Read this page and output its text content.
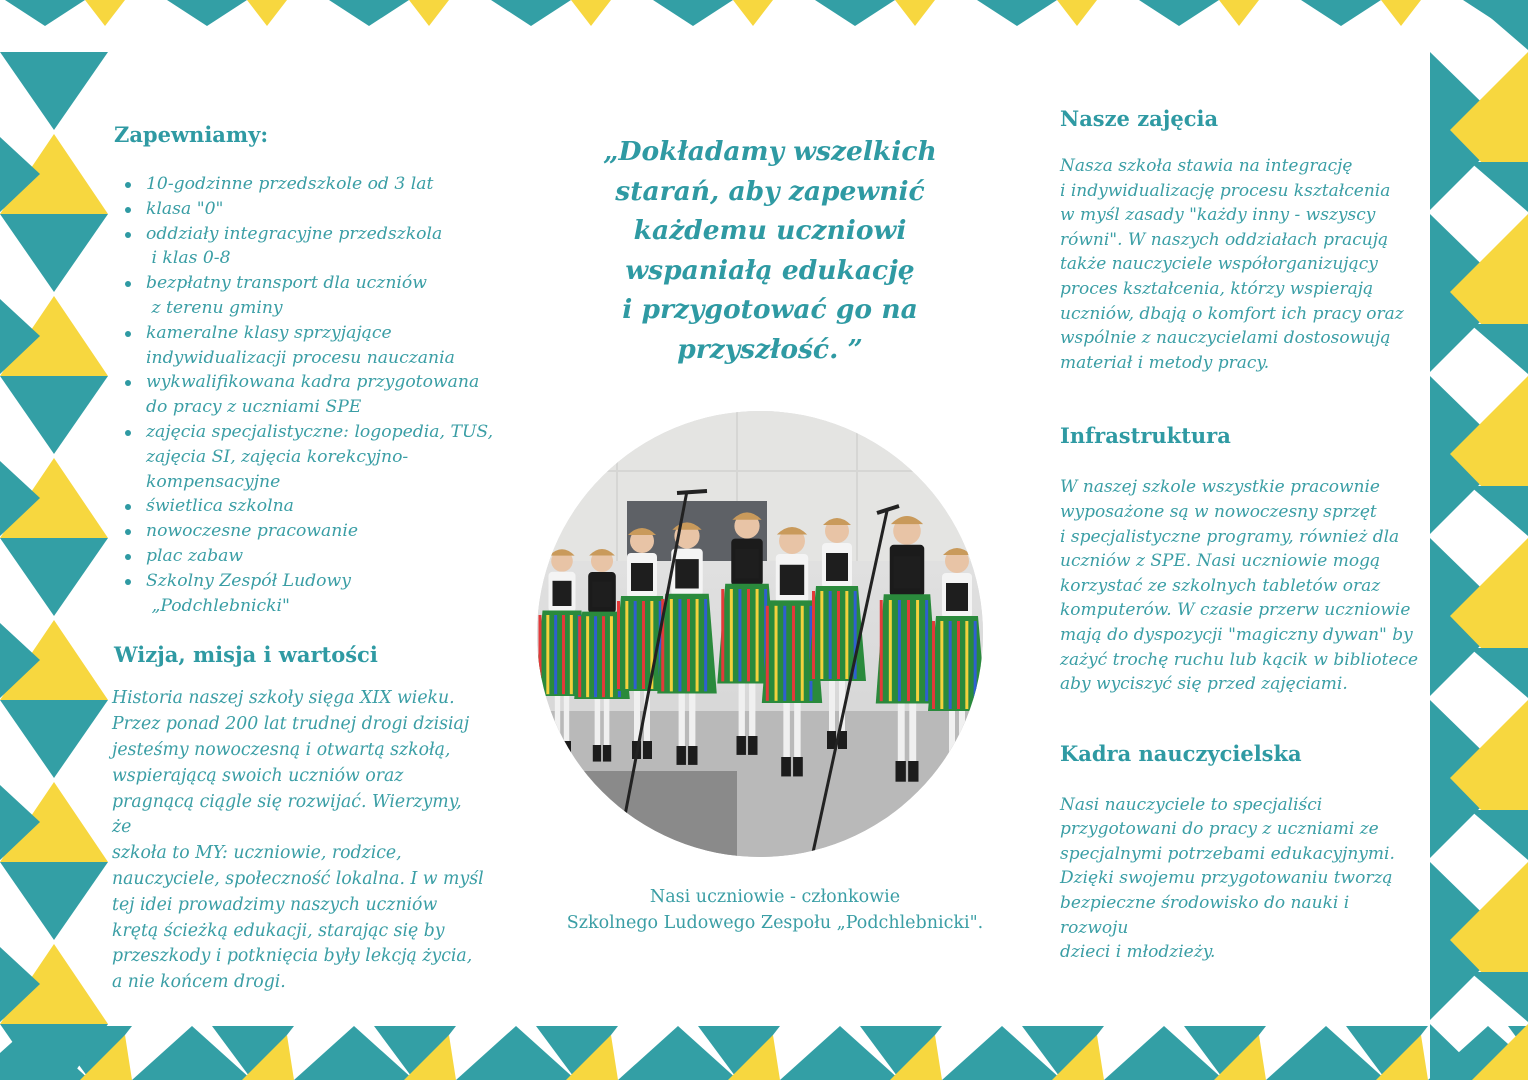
Zapewniamy:
10-godzinne przedszkole od 3 lat
klasa "0"
oddziały integracyjne przedszkola
i klas 0-8
bezpłatny transport dla uczniów
z terenu gminy
kameralne klasy sprzyjające
indywidualizacji procesu nauczania
wykwalifikowana kadra przygotowana
do pracy z uczniami SPE
zajęcia specjalistyczne: logopedia, TUS,
zajęcia SI, zajęcia korekcyjno-
kompensacyjne
świetlica szkolna
nowoczesne pracowanie
plac zabaw
Szkolny Zespół Ludowy
„Podchlebnicki"
Wizja, misja i wartości

Historia naszej szkoły sięga XIX wieku.
Przez ponad 200 lat trudnej drogi dzisiaj
jesteśmy nowoczesną i otwartą szkołą,
wspierającą swoich uczniów oraz
pragnącą ciągle się rozwijać. Wierzymy, że
szkoła to MY: uczniowie, rodzice,
nauczyciele, społeczność lokalna. I w myśl
tej idei prowadzimy naszych uczniów
krętą ścieżką edukacji, starając się by
przeszkody i potknięcia były lekcją życia,
a nie końcem drogi.

„Dokładamy wszelkich
starań, aby zapewnić
każdemu uczniowi
wspaniałą edukację
i przygotować go na
przyszłość. ”

Nasi uczniowie - członkowie
Szkolnego Ludowego Zespołu „Podchlebnicki".
Nasze zajęcia

Nasza szkoła stawia na integrację
i indywidualizację procesu kształcenia
w myśl zasady "każdy inny - wszyscy
równi". W naszych oddziałach pracują
także nauczyciele współorganizujący
proces kształcenia, którzy wspierają
uczniów, dbają o komfort ich pracy oraz
wspólnie z nauczycielami dostosowują
materiał i metody pracy.

Infrastruktura

W naszej szkole wszystkie pracownie
wyposażone są w nowoczesny sprzęt
i specjalistyczne programy, również dla
uczniów z SPE. Nasi uczniowie mogą
korzystać ze szkolnych tabletów oraz
komputerów. W czasie przerw uczniowie
mają do dyspozycji "magiczny dywan" by
zażyć trochę ruchu lub kącik w bibliotece
aby wyciszyć się przed zajęciami.

Kadra nauczycielska

Nasi nauczyciele to specjaliści
przygotowani do pracy z uczniami ze
specjalnymi potrzebami edukacyjnymi.
Dzięki swojemu przygotowaniu tworzą
bezpieczne środowisko do nauki i rozwoju
dzieci i młodzieży.
